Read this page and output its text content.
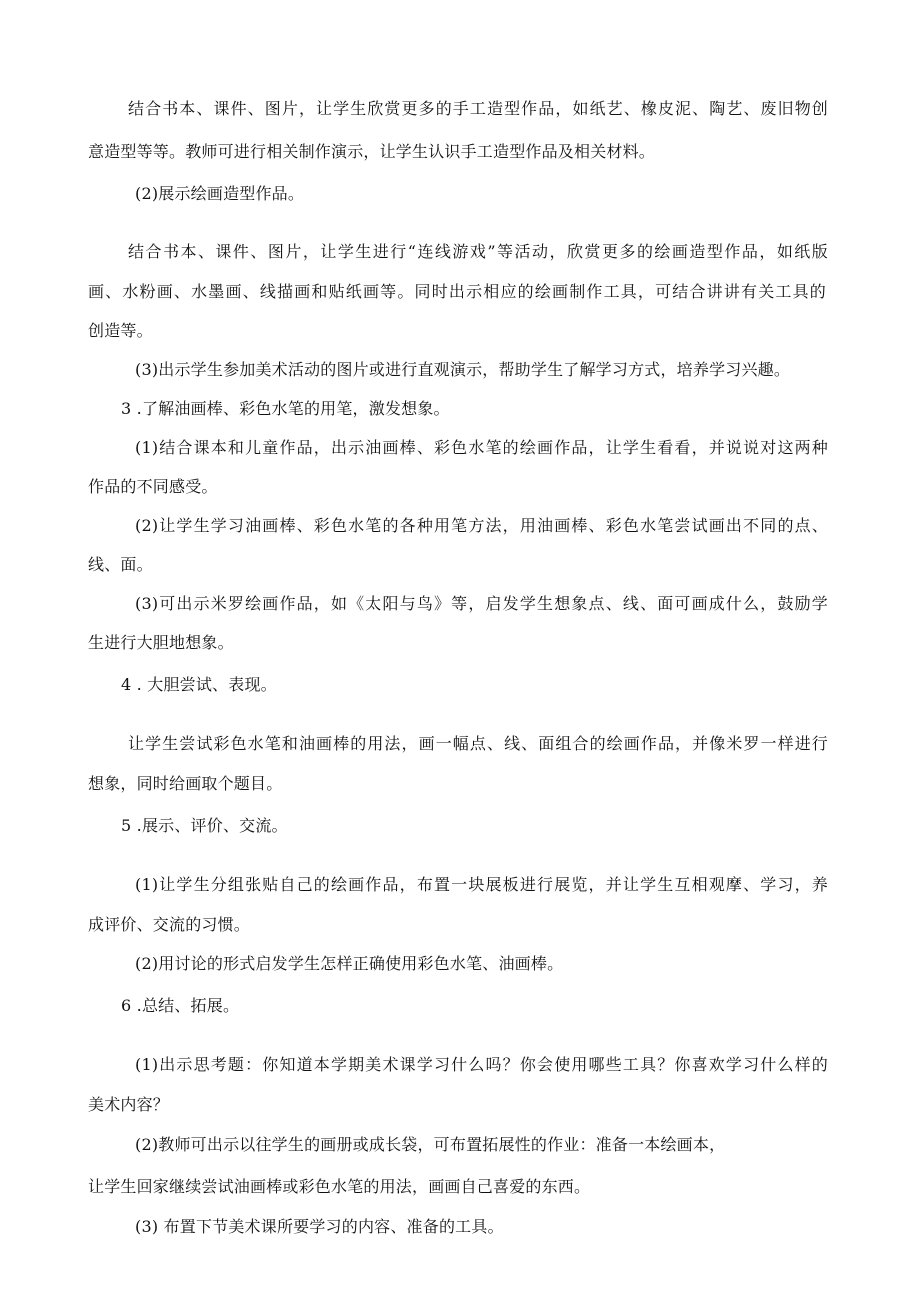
结合书本、课件、图片，让学生欣赏更多的手工造型作品，如纸艺、橡皮泥、陶艺、废旧物创
意造型等等。教师可进行相关制作演示，让学生认识手工造型作品及相关材料。
(2)展示绘画造型作品。
结合书本、课件、图片，让学生进行“连线游戏”等活动，欣赏更多的绘画造型作品，如纸版
画、水粉画、水墨画、线描画和贴纸画等。同时出示相应的绘画制作工具，可结合讲讲有关工具的
创造等。
(3)出示学生参加美术活动的图片或进行直观演示，帮助学生了解学习方式，培养学习兴趣。
3 .了解油画棒、彩色水笔的用笔，激发想象。
(1)结合课本和儿童作品，出示油画棒、彩色水笔的绘画作品，让学生看看，并说说对这两种
作品的不同感受。
(2)让学生学习油画棒、彩色水笔的各种用笔方法，用油画棒、彩色水笔尝试画出不同的点、
线、面。
(3)可出示米罗绘画作品，如《太阳与鸟》等，启发学生想象点、线、面可画成什么，鼓励学
生进行大胆地想象。
4 . 大胆尝试、表现。
让学生尝试彩色水笔和油画棒的用法，画一幅点、线、面组合的绘画作品，并像米罗一样进行
想象，同时给画取个题目。
5 .展示、评价、交流。
(1)让学生分组张贴自己的绘画作品，布置一块展板进行展览，并让学生互相观摩、学习，养
成评价、交流的习惯。
(2)用讨论的形式启发学生怎样正确使用彩色水笔、油画棒。
6 .总结、拓展。
(1)出示思考题：你知道本学期美术课学习什么吗？你会使用哪些工具？你喜欢学习什么样的
美术内容？
(2)教师可出示以往学生的画册或成长袋，可布置拓展性的作业：准备一本绘画本，
让学生回家继续尝试油画棒或彩色水笔的用法，画画自己喜爱的东西。
(3) 布置下节美术课所要学习的内容、准备的工具。
